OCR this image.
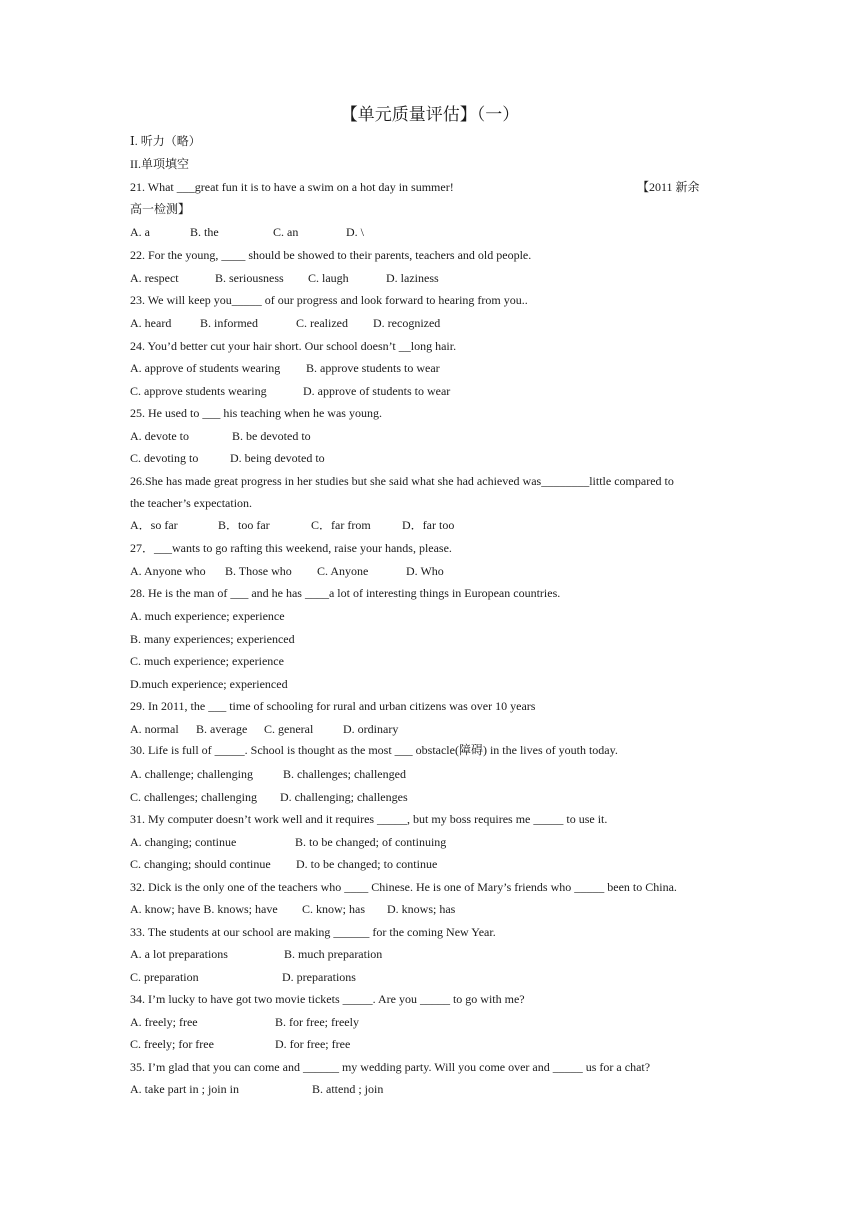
【单元质量评估】（一）
Ⅰ. 听力（略）
II.单项填空
21. What ___great fun it is to have a swim on a hot day in summer!	【2011 新余
高一检测】
A. a	B. the	C. an	D. \
22. For the young, ____ should be showed to their parents, teachers and old people.
A. respect	B. seriousness C. laugh	D. laziness
23. We will keep you_____ of our progress and look forward to hearing from you..
A. heard B. informed	C. realized D. recognized
24. You’d better cut your hair short. Our school doesn’t __long hair.
A. approve of students wearing B. approve students to wear
C. approve students wearing	D. approve of students to wear
25. He used to ___ his teaching when he was young.
A. devote to	B. be devoted to
C. devoting to	D. being devoted to
26.She has made great progress in her studies but she said what she had achieved was________little compared to
the teacher’s expectation.
A．so far	B．too far	C．far from	D．far too
27．___wants to go rafting this weekend, raise your hands, please.
A. Anyone who B. Those who C. Anyone	D. Who
28. He is the man of ___ and he has ____a lot of interesting things in European countries.
A. much experience; experience
B. many experiences; experienced
C. much experience; experience
D.much experience; experienced
29. In 2011, the ___ time of schooling for rural and urban citizens was over 10 years
A. normal B. average C. general D. ordinary
30. Life is full of _____. School is thought as the most ___ obstacle(障碍) in the lives of youth today.
A. challenge; challenging	B. challenges; challenged
C. challenges; challenging D. challenging; challenges
31. My computer doesn’t work well and it requires _____, but my boss requires me _____ to use it.
A. changing; continue	B. to be changed; of continuing
C. changing; should continue D. to be changed; to continue
32. Dick is the only one of the teachers who ____ Chinese. He is one of Mary’s friends who _____ been to China.
A. know; have B. knows; have C. know; has D. knows; has
33. The students at our school are making ______ for the coming New Year.
A. a lot preparations	B. much preparation
C. preparation	D. preparations
34. I’m lucky to have got two movie tickets _____. Are you _____ to go with me?
A. freely; free	B. for free; freely
C. freely; for free	D. for free; free
35. I’m glad that you can come and ______ my wedding party. Will you come over and _____ us for a chat?
A. take part in ; join in	B. attend ; join
